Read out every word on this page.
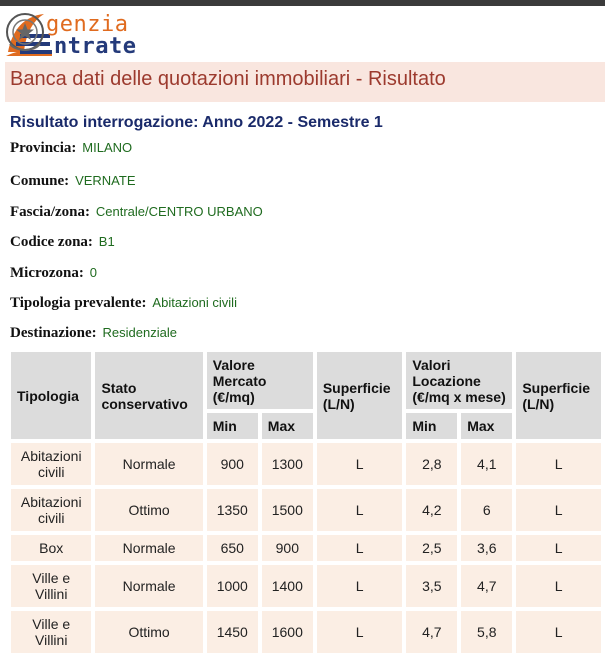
genzia
ntrate
Banca dati delle quotazioni immobiliari - Risultato
Risultato interrogazione: Anno 2022 - Semestre 1
Provincia: MILANO
Comune: VERNATE
Fascia/zona: Centrale/CENTRO URBANO
Codice zona: B1
Microzona: 0
Tipologia prevalente: Abitazioni civili
Destinazione: Residenziale
Tipologia	Stato conservativo	Valore Mercato (€/mq)		Superficie (L/N)	Valori Locazione (€/mq x mese)		Superficie (L/N)
		Min	Max		Min	Max	
Abitazioni civili	Normale	900	1300	L	2,8	4,1	L
Abitazioni civili	Ottimo	1350	1500	L	4,2	6	L
Box	Normale	650	900	L	2,5	3,6	L
Ville e Villini	Normale	1000	1400	L	3,5	4,7	L
Ville e Villini	Ottimo	1450	1600	L	4,7	5,8	L
